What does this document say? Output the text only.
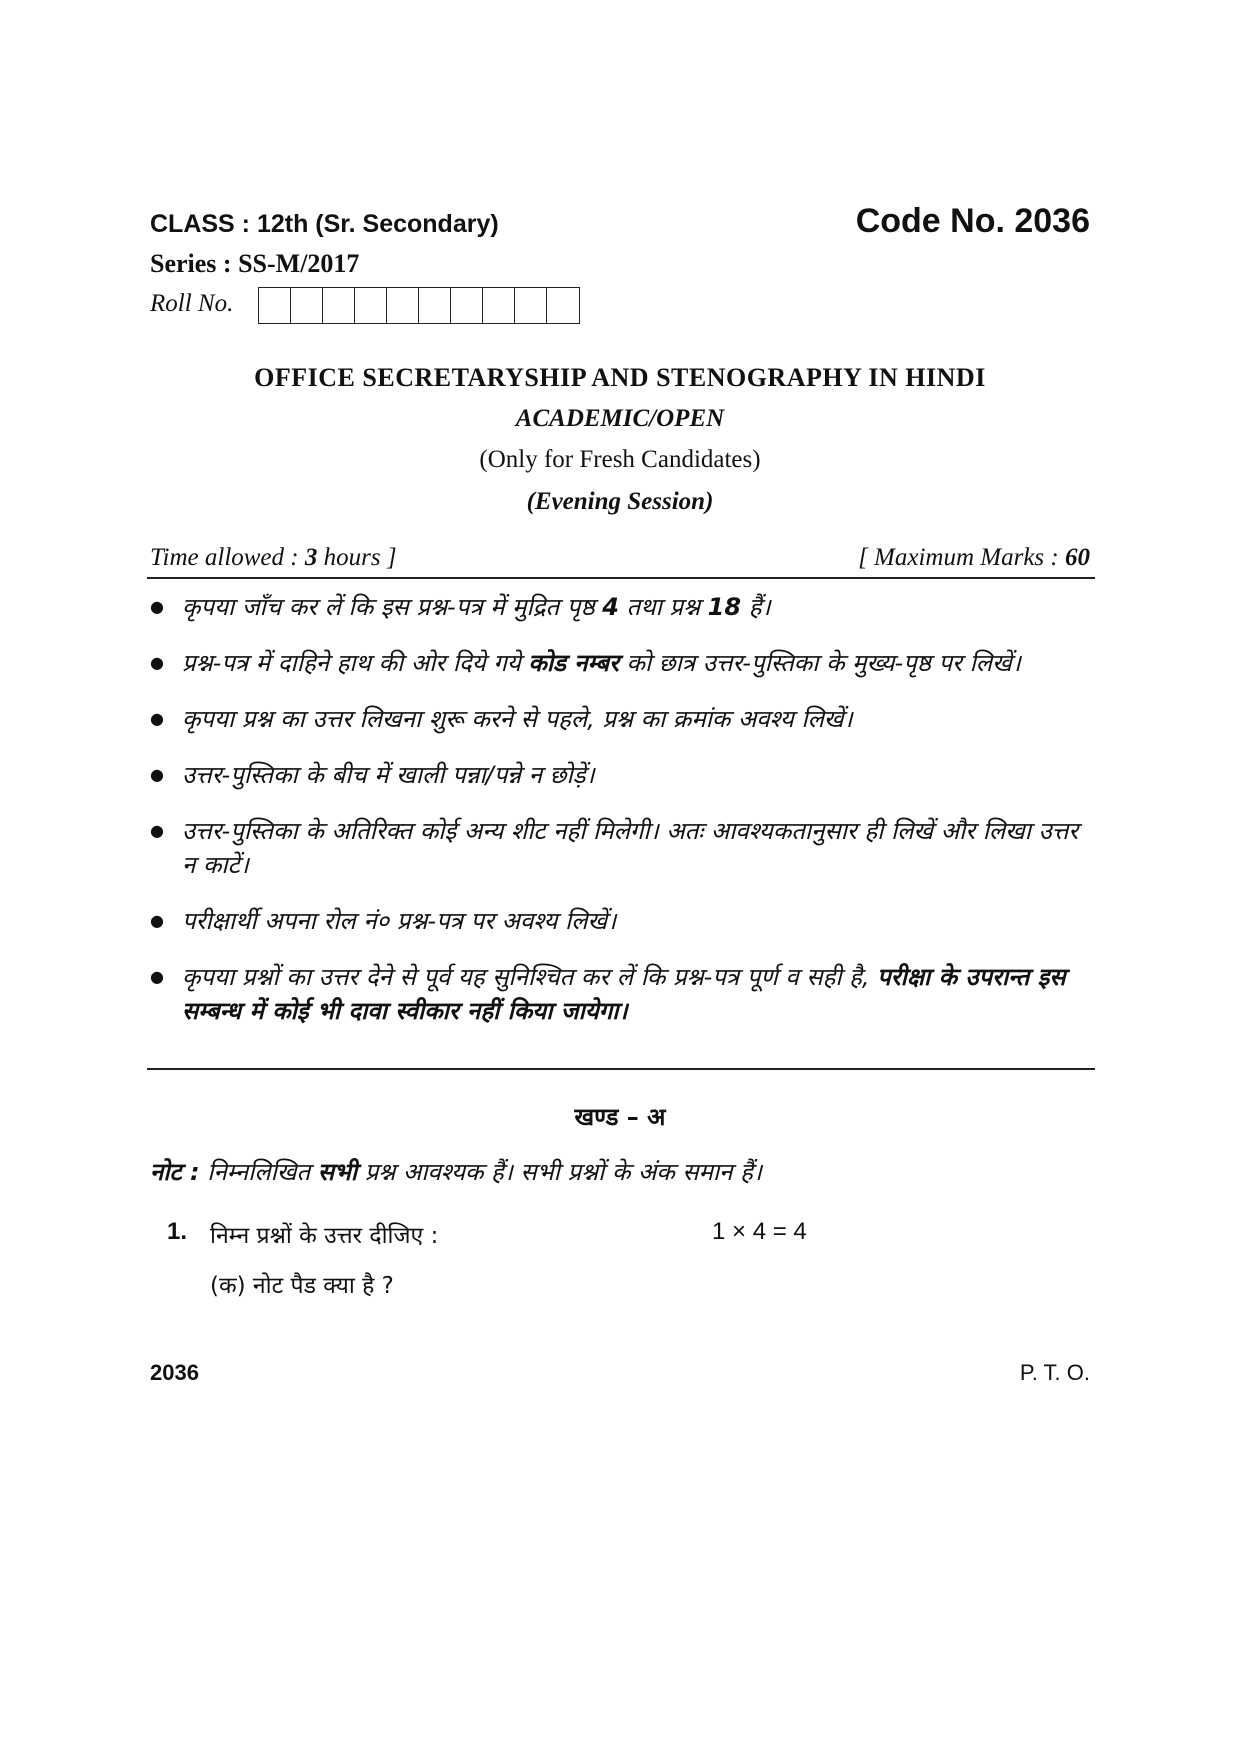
CLASS : 12th (Sr. Secondary)	Code No. 2036
Series : SS-M/2017
Roll No.
OFFICE SECRETARYSHIP AND STENOGRAPHY IN HINDI
ACADEMIC/OPEN
(Only for Fresh Candidates)
(Evening Session)
Time allowed : 3 hours ]	[ Maximum Marks : 60
● कृपया जाँच कर लें कि इस प्रश्न-पत्र में मुद्रित पृष्ठ 4 तथा प्रश्न 18 हैं।
● प्रश्न-पत्र में दाहिने हाथ की ओर दिये गये कोड नम्बर को छात्र उत्तर-पुस्तिका के मुख्य-पृष्ठ पर लिखें।
● कृपया प्रश्न का उत्तर लिखना शुरू करने से पहले, प्रश्न का क्रमांक अवश्य लिखें।
● उत्तर-पुस्तिका के बीच में खाली पन्ना/पन्ने न छोड़ें।
● उत्तर-पुस्तिका के अतिरिक्त कोई अन्य शीट नहीं मिलेगी। अतः आवश्यकतानुसार ही लिखें और लिखा उत्तर न काटें।
● परीक्षार्थी अपना रोल नं० प्रश्न-पत्र पर अवश्य लिखें।
● कृपया प्रश्नों का उत्तर देने से पूर्व यह सुनिश्चित कर लें कि प्रश्न-पत्र पूर्ण व सही है, परीक्षा के उपरान्त इस सम्बन्ध में कोई भी दावा स्वीकार नहीं किया जायेगा।
खण्ड – अ
नोट : निम्नलिखित सभी प्रश्न आवश्यक हैं। सभी प्रश्नों के अंक समान हैं।
1. निम्न प्रश्नों के उत्तर दीजिए :	1 × 4 = 4
(क) नोट पैड क्या है ?
2036	P. T. O.
